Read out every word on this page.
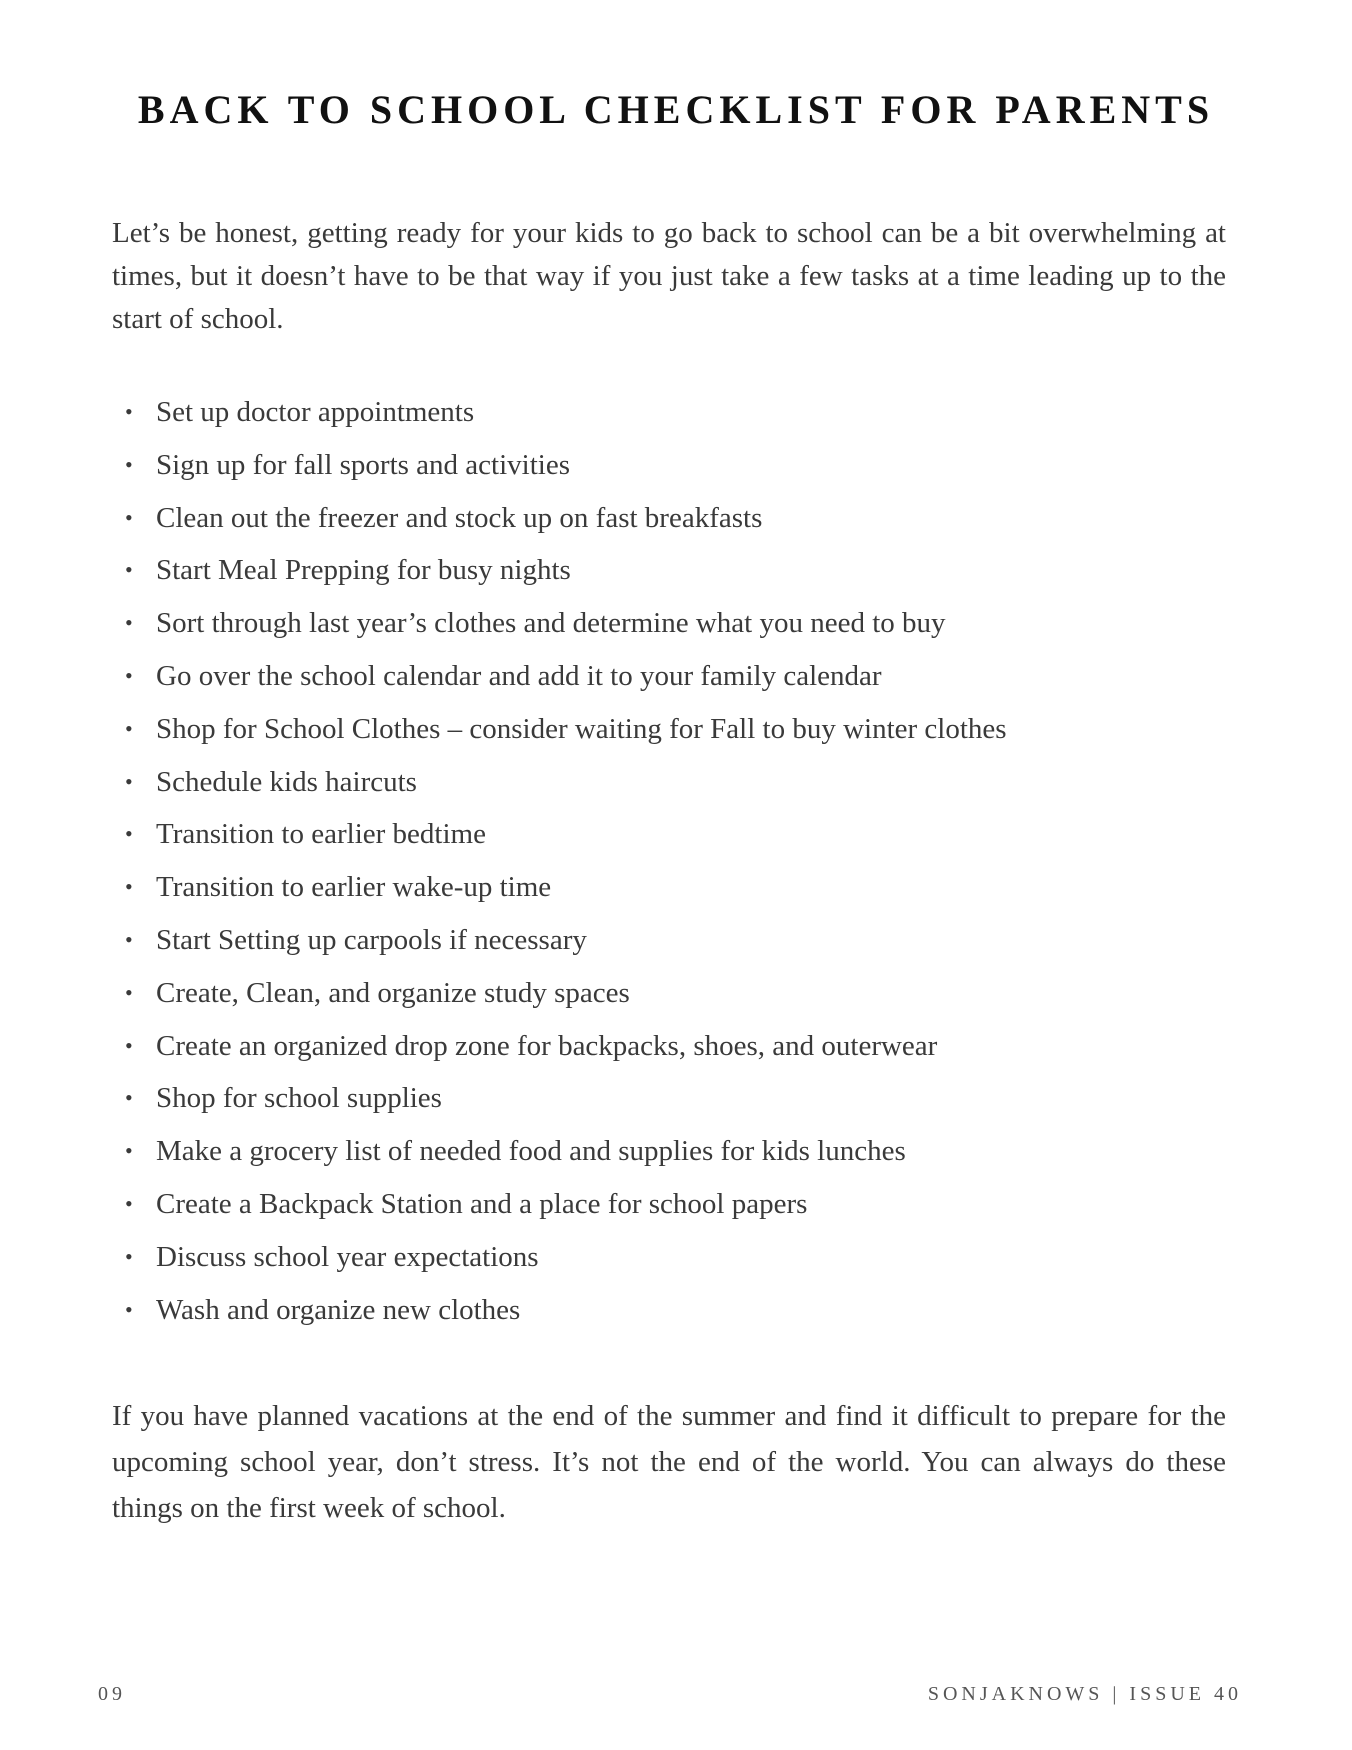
BACK TO SCHOOL CHECKLIST FOR PARENTS

Let’s be honest, getting ready for your kids to go back to school can be a bit overwhelming at times, but it doesn’t have to be that way if you just take a few tasks at a time leading up to the start of school.

• Set up doctor appointments
• Sign up for fall sports and activities
• Clean out the freezer and stock up on fast breakfasts
• Start Meal Prepping for busy nights
• Sort through last year’s clothes and determine what you need to buy
• Go over the school calendar and add it to your family calendar
• Shop for School Clothes – consider waiting for Fall to buy winter clothes
• Schedule kids haircuts
• Transition to earlier bedtime
• Transition to earlier wake-up time
• Start Setting up carpools if necessary
• Create, Clean, and organize study spaces
• Create an organized drop zone for backpacks, shoes, and outerwear
• Shop for school supplies
• Make a grocery list of needed food and supplies for kids lunches
• Create a Backpack Station and a place for school papers
• Discuss school year expectations
• Wash and organize new clothes

If you have planned vacations at the end of the summer and find it difficult to prepare for the upcoming school year, don’t stress. It’s not the end of the world. You can always do these things on the first week of school.

09	SONJAKNOWS | ISSUE 40
